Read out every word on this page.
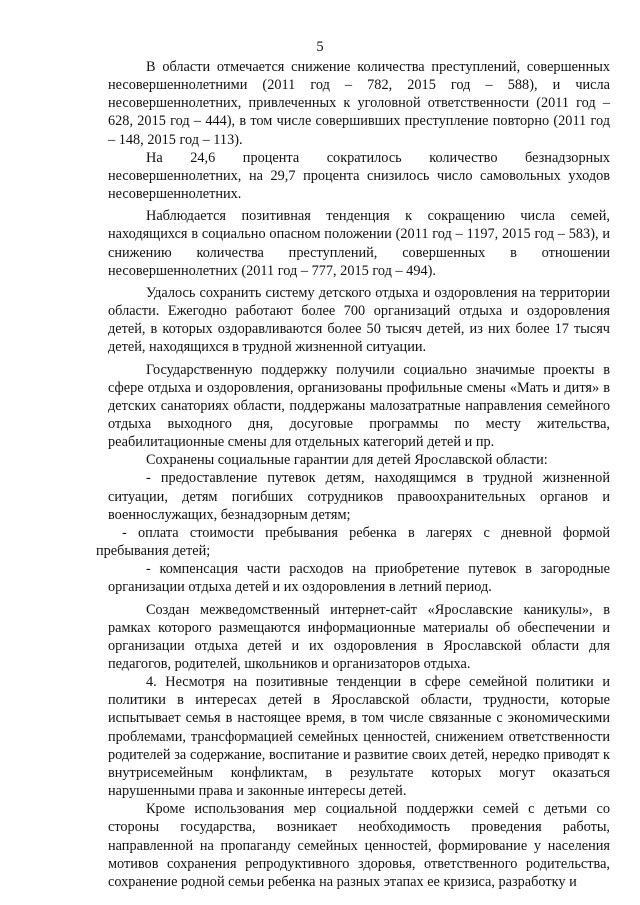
5

В области отмечается снижение количества преступлений, совершенных несовершеннолетними (2011 год – 782, 2015 год – 588), и числа несовершеннолетних, привлеченных к уголовной ответственности (2011 год – 628, 2015 год – 444), в том числе совершивших преступление повторно (2011 год – 148, 2015 год – 113).

На 24,6 процента сократилось количество безнадзорных несовершеннолетних, на 29,7 процента снизилось число самовольных уходов несовершеннолетних.

Наблюдается позитивная тенденция к сокращению числа семей, находящихся в социально опасном положении (2011 год – 1197, 2015 год – 583), и снижению количества преступлений, совершенных в отношении несовершеннолетних (2011 год – 777, 2015 год – 494).

Удалось сохранить систему детского отдыха и оздоровления на территории области. Ежегодно работают более 700 организаций отдыха и оздоровления детей, в которых оздоравливаются более 50 тысяч детей, из них более 17 тысяч детей, находящихся в трудной жизненной ситуации.

Государственную поддержку получили социально значимые проекты в сфере отдыха и оздоровления, организованы профильные смены «Мать и дитя» в детских санаториях области, поддержаны малозатратные направления семейного отдыха выходного дня, досуговые программы по месту жительства, реабилитационные смены для отдельных категорий детей и пр.

Сохранены социальные гарантии для детей Ярославской области:

- предоставление путевок детям, находящимся в трудной жизненной ситуации, детям погибших сотрудников правоохранительных органов и военнослужащих, безнадзорным детям;

- оплата стоимости пребывания ребенка в лагерях с дневной формой пребывания детей;

- компенсация части расходов на приобретение путевок в загородные организации отдыха детей и их оздоровления в летний период.

Создан межведомственный интернет-сайт «Ярославские каникулы», в рамках которого размещаются информационные материалы об обеспечении и организации отдыха детей и их оздоровления в Ярославской области для педагогов, родителей, школьников и организаторов отдыха.

4. Несмотря на позитивные тенденции в сфере семейной политики и политики в интересах детей в Ярославской области, трудности, которые испытывает семья в настоящее время, в том числе связанные с экономическими проблемами, трансформацией семейных ценностей, снижением ответственности родителей за содержание, воспитание и развитие своих детей, нередко приводят к внутрисемейным конфликтам, в результате которых могут оказаться нарушенными права и законные интересы детей.

Кроме использования мер социальной поддержки семей с детьми со стороны государства, возникает необходимость проведения работы, направленной на пропаганду семейных ценностей, формирование у населения мотивов сохранения репродуктивного здоровья, ответственного родительства, сохранение родной семьи ребенка на разных этапах ее кризиса, разработку и
